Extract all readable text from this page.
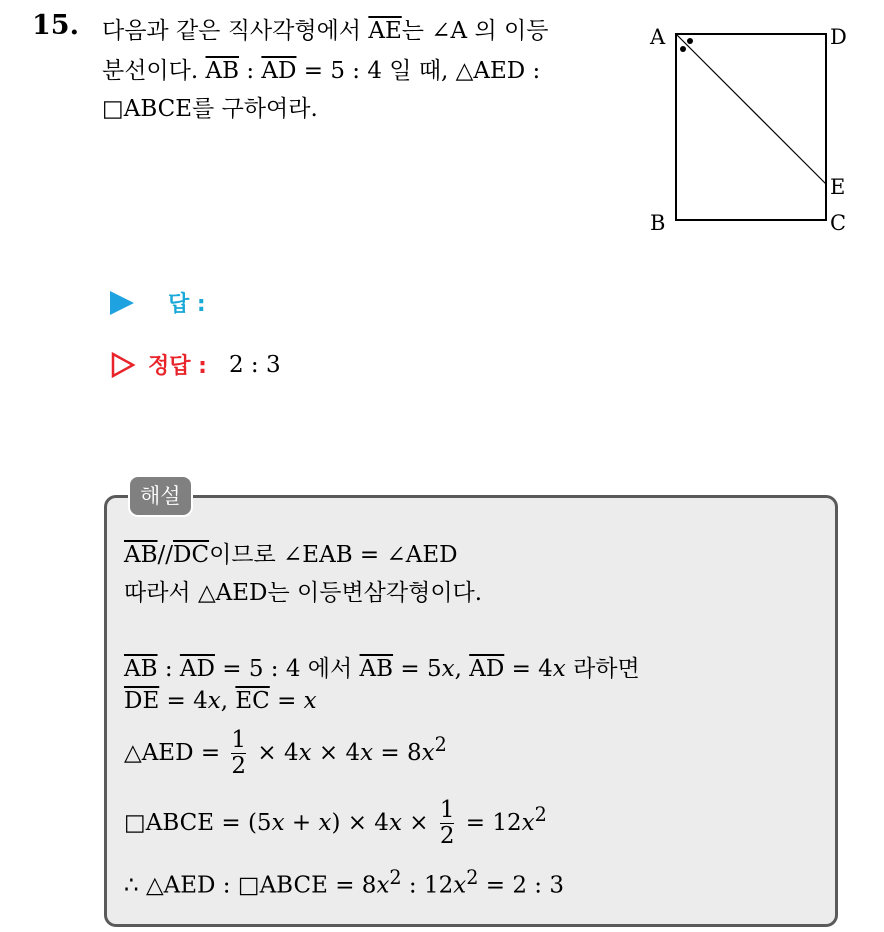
15. 다음과 같은 직사각형에서 $\overline{AE}$는 ∠A 의 이등
분선이다. $\overline{AB}$ : $\overline{AD} = 5$ : 4 일 때, △AED :
□ABCE를 구하여라.
A	D
B	C
E
답 :
정답 : 2 : 3
해설
$\overline{AB}//\overline{DC}$이므로 ∠EAB = ∠AED
따라서 △AED는 이등변삼각형이다.
$\overline{AB}$ : $\overline{AD} = 5$ : 4 에서 $\overline{AB} = 5x$, $\overline{AD} = 4x$ 라하면
$\overline{DE} = 4x$, $\overline{EC} = x$
△AED = $\frac{1}{2} \times 4x \times 4x = 8x^2$
□ABCE = $(5x + x) \times 4x \times \frac{1}{2} = 12x^2$
∴ △AED : □ABCE = $8x^2$ : $12x^2 = 2$ : 3
